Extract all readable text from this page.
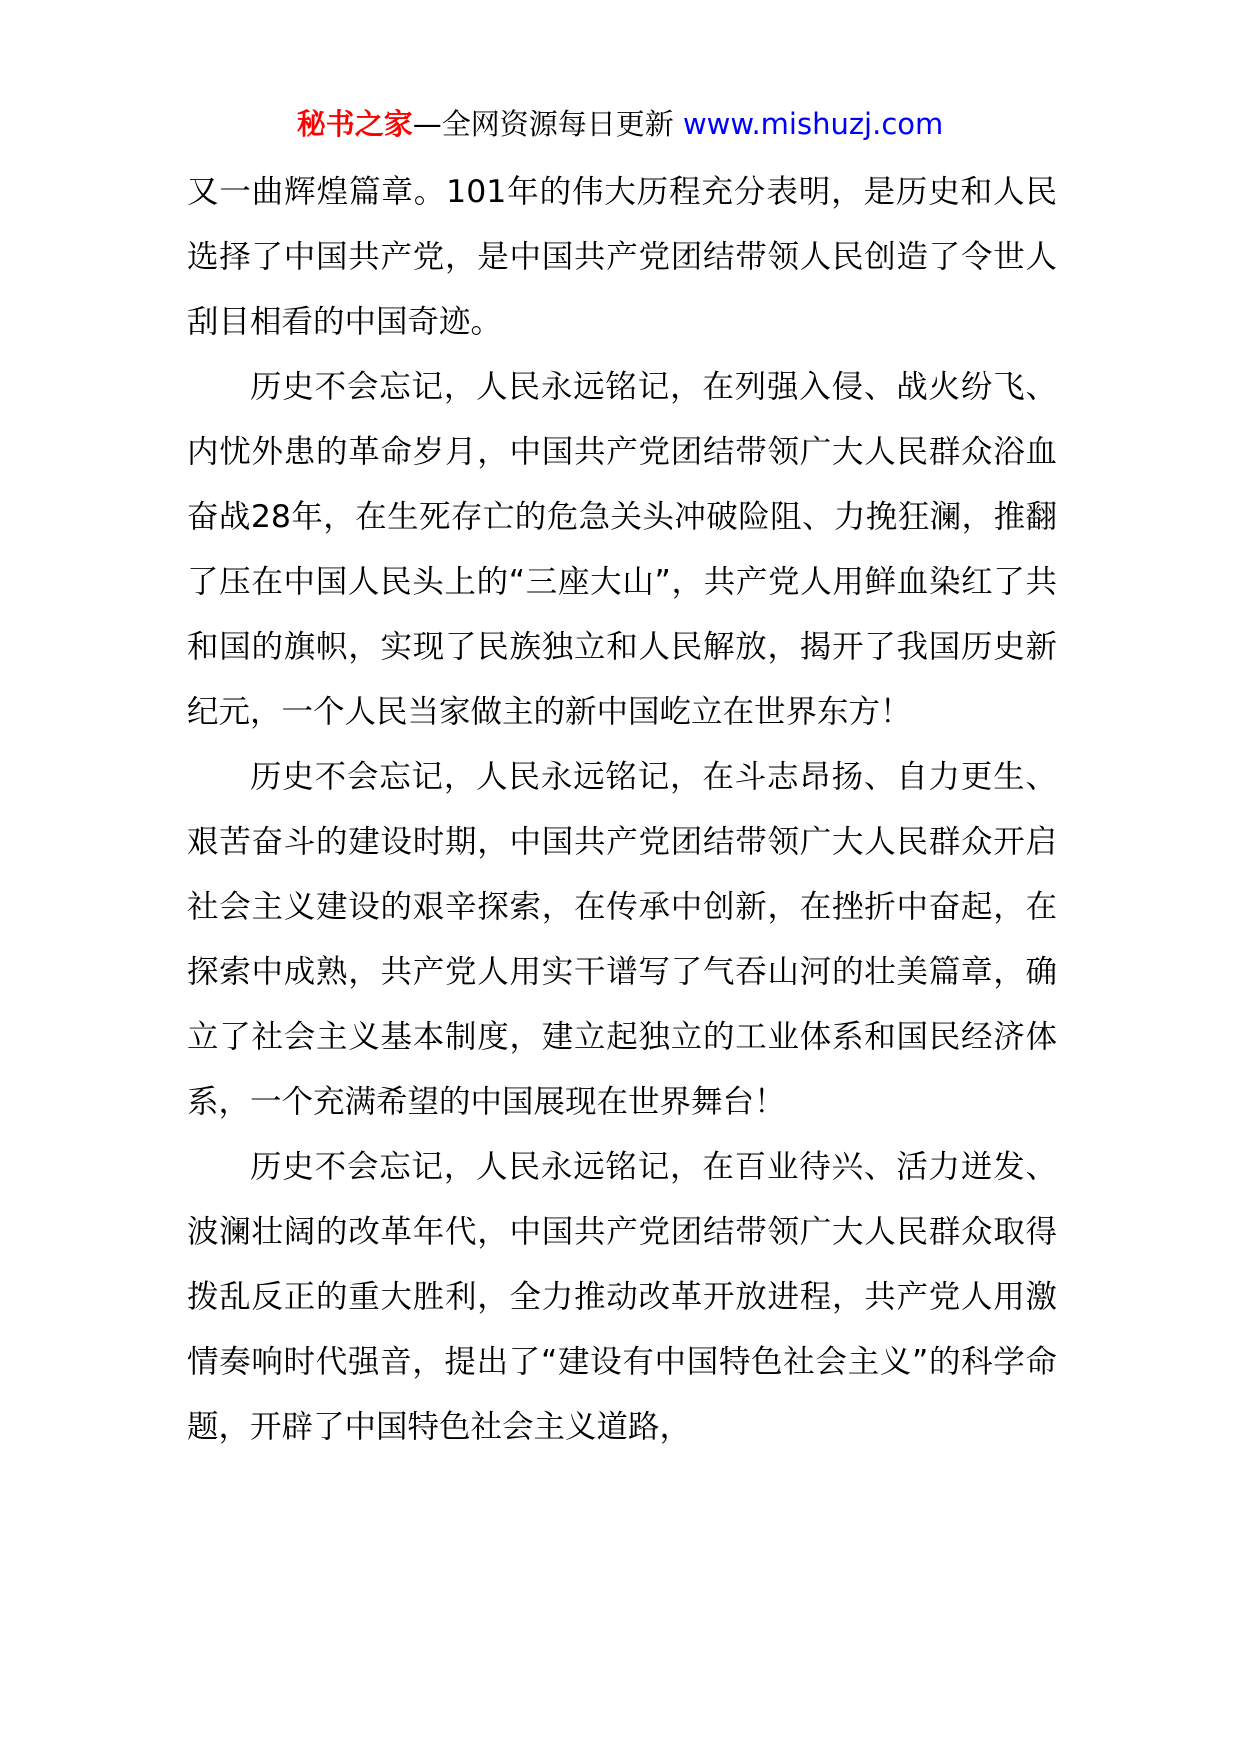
秘书之家—全网资源每日更新 www.mishuzj.com

又一曲辉煌篇章。101年的伟大历程充分表明，是历史和人民选择了中国共产党，是中国共产党团结带领人民创造了令世人刮目相看的中国奇迹。

历史不会忘记，人民永远铭记，在列强入侵、战火纷飞、内忧外患的革命岁月，中国共产党团结带领广大人民群众浴血奋战28年，在生死存亡的危急关头冲破险阻、力挽狂澜，推翻了压在中国人民头上的“三座大山”，共产党人用鲜血染红了共和国的旗帜，实现了民族独立和人民解放，揭开了我国历史新纪元，一个人民当家做主的新中国屹立在世界东方！

历史不会忘记，人民永远铭记，在斗志昂扬、自力更生、艰苦奋斗的建设时期，中国共产党团结带领广大人民群众开启社会主义建设的艰辛探索，在传承中创新，在挫折中奋起，在探索中成熟，共产党人用实干谱写了气吞山河的壮美篇章，确立了社会主义基本制度，建立起独立的工业体系和国民经济体系，一个充满希望的中国展现在世界舞台！

历史不会忘记，人民永远铭记，在百业待兴、活力迸发、波澜壮阔的改革年代，中国共产党团结带领广大人民群众取得拨乱反正的重大胜利，全力推动改革开放进程，共产党人用激情奏响时代强音，提出了“建设有中国特色社会主义”的科学命题，开辟了中国特色社会主义道路，
